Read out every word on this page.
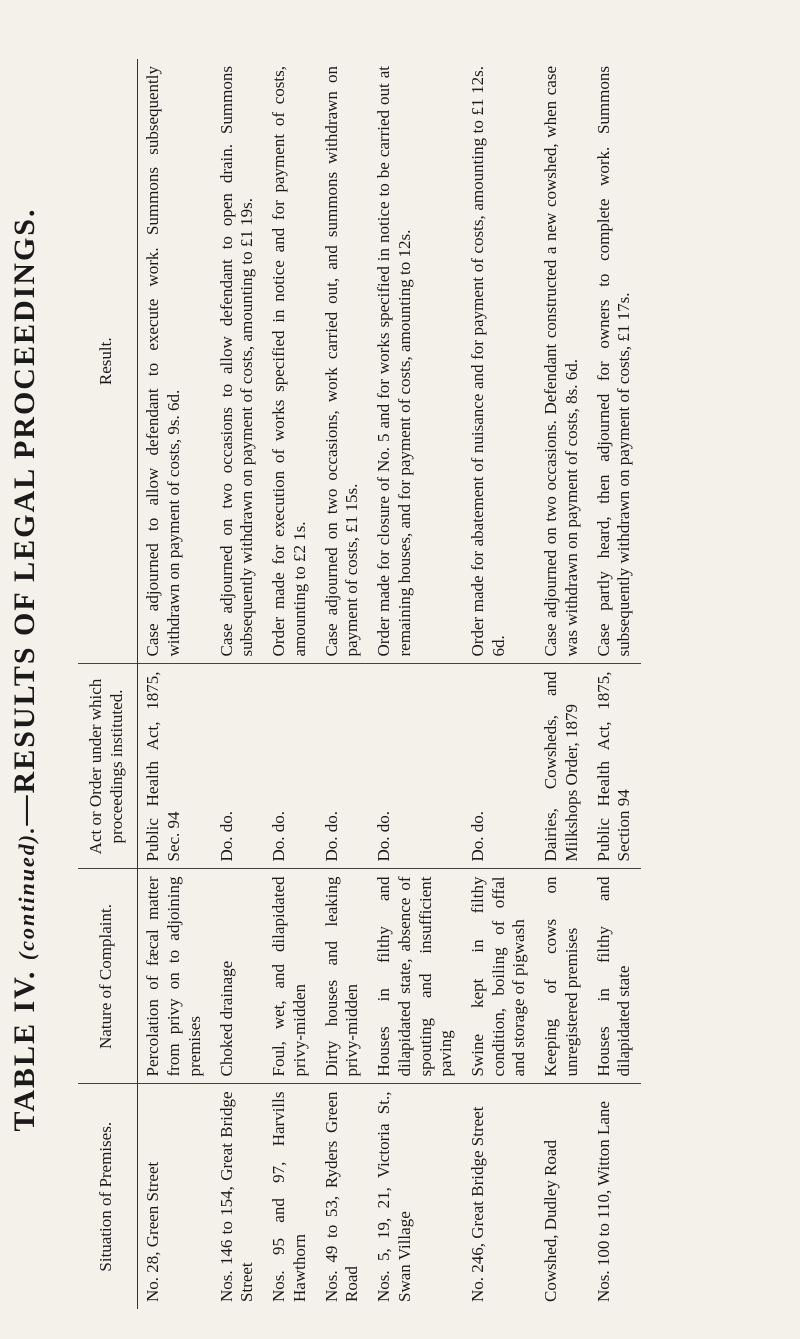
TABLE IV. (continued).—RESULTS OF LEGAL PROCEEDINGS.
Situation of Premises.	Nature of Complaint.	Act or Order under which proceedings instituted.	Result.
No. 28, Green Street	Percolation of fæcal matter from privy on to adjoining premises	Public Health Act, 1875, Sec. 94	Case adjourned to allow defendant to execute work. Summons subsequently withdrawn on payment of costs, 9s. 6d.
Nos. 146 to 154, Great Bridge Street	Choked drainage	Do. do.	Case adjourned on two occasions to allow defendant to open drain. Summons subsequently withdrawn on payment of costs, amounting to £1 19s.
Nos. 95 and 97, Harvills Hawthorn	Foul, wet, and dilapidated privy-midden	Do. do.	Order made for execution of works specified in notice and for payment of costs, amounting to £2 1s.
Nos. 49 to 53, Ryders Green Road	Dirty houses and leaking privy-midden	Do. do.	Case adjourned on two occasions, work carried out, and summons withdrawn on payment of costs, £1 15s.
Nos. 5, 19, 21, Victoria St., Swan Village	Houses in filthy and dilapidated state, absence of spouting and insufficient paving	Do. do.	Order made for closure of No. 5 and for works specified in notice to be carried out at remaining houses, and for payment of costs, amounting to 12s.
No. 246, Great Bridge Street	Swine kept in filthy condition, boiling of offal and storage of pigwash	Do. do.	Order made for abatement of nuisance and for payment of costs, amounting to £1 12s. 6d.
Cowshed, Dudley Road	Keeping of cows on unregistered premises	Dairies, Cowsheds, and Milkshops Order, 1879	Case adjourned on two occasions. Defendant constructed a new cowshed, when case was withdrawn on payment of costs, 8s. 6d.
Nos. 100 to 110, Witton Lane	Houses in filthy and dilapidated state	Public Health Act, 1875, Section 94	Case partly heard, then adjourned for owners to complete work. Summons subsequently withdrawn on payment of costs, £1 17s.
